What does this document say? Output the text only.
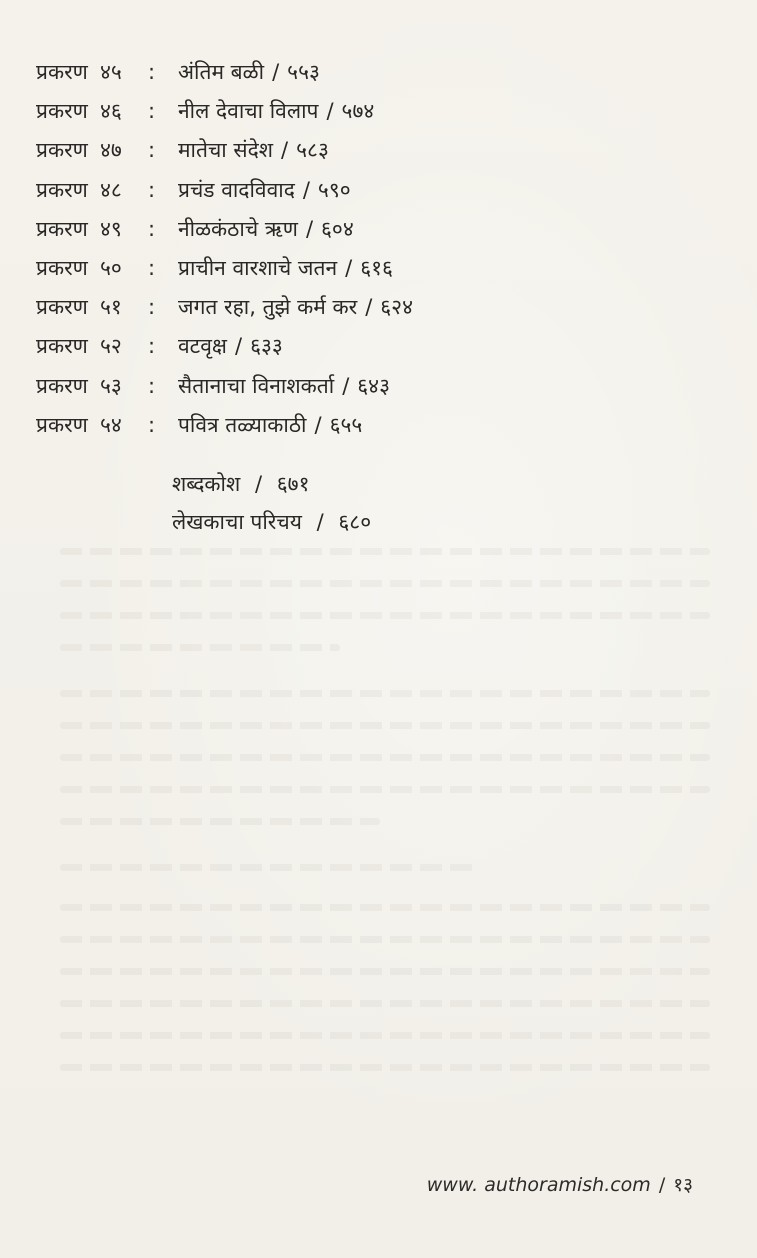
प्रकरण ४५	:	अंतिम बळी / ५५३
प्रकरण ४६	:	नील देवाचा विलाप / ५७४
प्रकरण ४७	:	मातेचा संदेश / ५८३
प्रकरण ४८	:	प्रचंड वादविवाद / ५९०
प्रकरण ४९	:	नीळकंठाचे ऋण / ६०४
प्रकरण ५०	:	प्राचीन वारशाचे जतन / ६१६
प्रकरण ५१	:	जगत रहा, तुझे कर्म कर / ६२४
प्रकरण ५२	:	वटवृक्ष / ६३३
प्रकरण ५३	:	सैतानाचा विनाशकर्ता / ६४३
प्रकरण ५४	:	पवित्र तळ्याकाठी / ६५५
शब्दकोश / ६७१
लेखकाचा परिचय / ६८०
www. authoramish.com / १३
